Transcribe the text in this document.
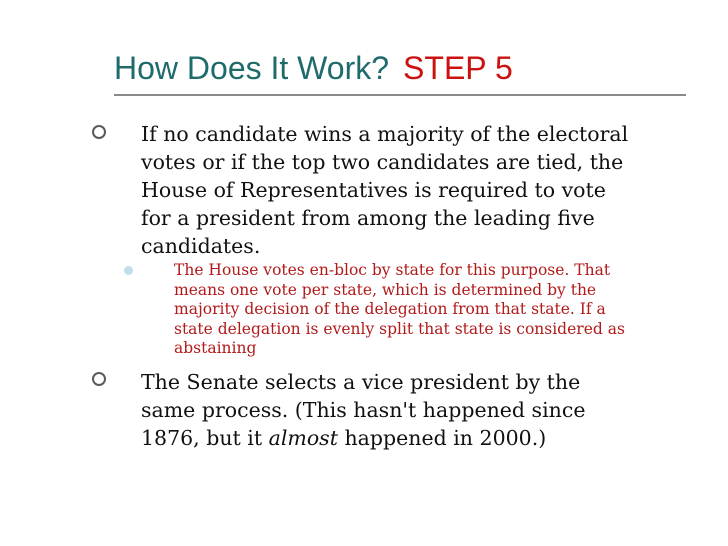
How Does It Work? STEP 5

If no candidate wins a majority of the electoral
votes or if the top two candidates are tied, the
House of Representatives is required to vote
for a president from among the leading five
candidates.

The House votes en-bloc by state for this purpose. That
means one vote per state, which is determined by the
majority decision of the delegation from that state. If a
state delegation is evenly split that state is considered as
abstaining

The Senate selects a vice president by the
same process. (This hasn't happened since
1876, but it almost happened in 2000.)
